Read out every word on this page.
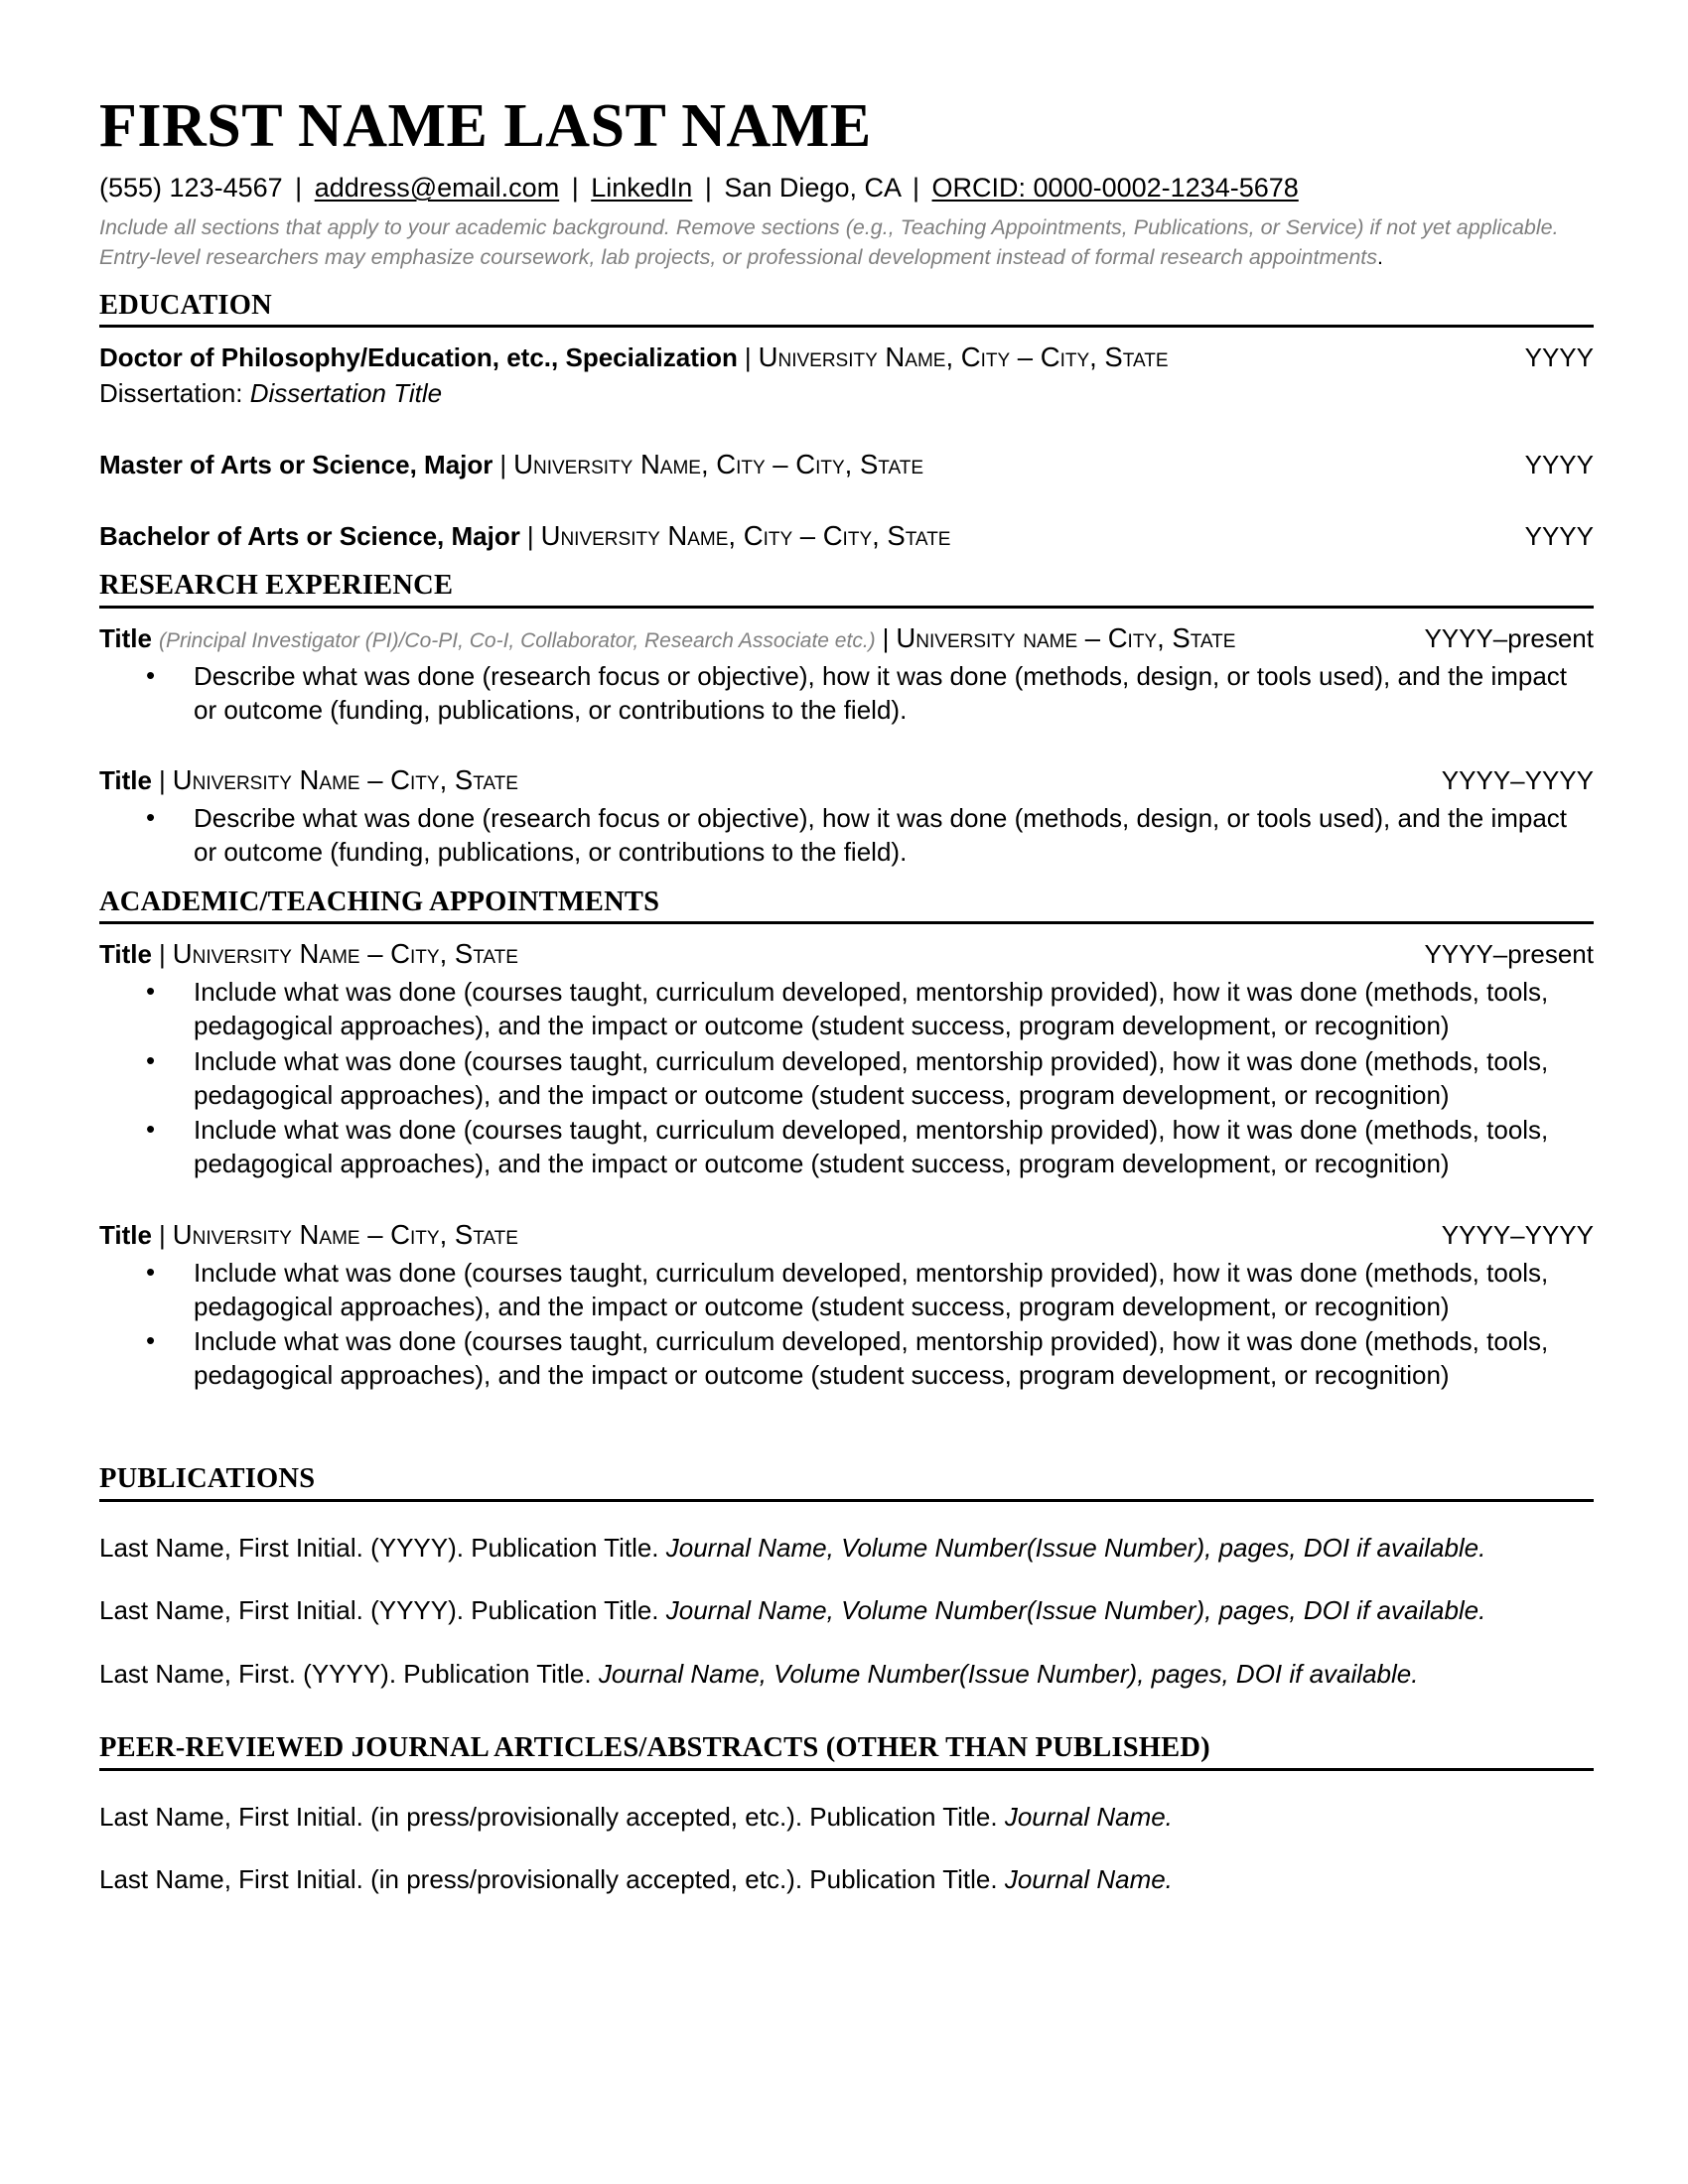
FIRST NAME LAST NAME
(555) 123-4567 | address@email.com | LinkedIn | San Diego, CA | ORCID: 0000-0002-1234-5678
Include all sections that apply to your academic background. Remove sections (e.g., Teaching Appointments, Publications, or Service) if not yet applicable.
Entry-level researchers may emphasize coursework, lab projects, or professional development instead of formal research appointments.
EDUCATION
Doctor of Philosophy/Education, etc., Specialization | University Name, City – City, State	YYYY
Dissertation: Dissertation Title
Master of Arts or Science, Major | University Name, City – City, State	YYYY
Bachelor of Arts or Science, Major | University Name, City – City, State	YYYY
RESEARCH EXPERIENCE
Title (Principal Investigator (PI)/Co-PI, Co-I, Collaborator, Research Associate etc.) | University name – City, State	YYYY–present
• Describe what was done (research focus or objective), how it was done (methods, design, or tools used), and the impact or outcome (funding, publications, or contributions to the field).
Title | University Name – City, State	YYYY–YYYY
• Describe what was done (research focus or objective), how it was done (methods, design, or tools used), and the impact or outcome (funding, publications, or contributions to the field).
ACADEMIC/TEACHING APPOINTMENTS
Title | University Name – City, State	YYYY–present
• Include what was done (courses taught, curriculum developed, mentorship provided), how it was done (methods, tools, pedagogical approaches), and the impact or outcome (student success, program development, or recognition)
• Include what was done (courses taught, curriculum developed, mentorship provided), how it was done (methods, tools, pedagogical approaches), and the impact or outcome (student success, program development, or recognition)
• Include what was done (courses taught, curriculum developed, mentorship provided), how it was done (methods, tools, pedagogical approaches), and the impact or outcome (student success, program development, or recognition)
Title | University Name – City, State	YYYY–YYYY
• Include what was done (courses taught, curriculum developed, mentorship provided), how it was done (methods, tools, pedagogical approaches), and the impact or outcome (student success, program development, or recognition)
• Include what was done (courses taught, curriculum developed, mentorship provided), how it was done (methods, tools, pedagogical approaches), and the impact or outcome (student success, program development, or recognition)
PUBLICATIONS
Last Name, First Initial. (YYYY). Publication Title. Journal Name, Volume Number(Issue Number), pages, DOI if available.
Last Name, First Initial. (YYYY). Publication Title. Journal Name, Volume Number(Issue Number), pages, DOI if available.
Last Name, First. (YYYY). Publication Title. Journal Name, Volume Number(Issue Number), pages, DOI if available.
PEER-REVIEWED JOURNAL ARTICLES/ABSTRACTS (OTHER THAN PUBLISHED)
Last Name, First Initial. (in press/provisionally accepted, etc.). Publication Title. Journal Name.
Last Name, First Initial. (in press/provisionally accepted, etc.). Publication Title. Journal Name.
